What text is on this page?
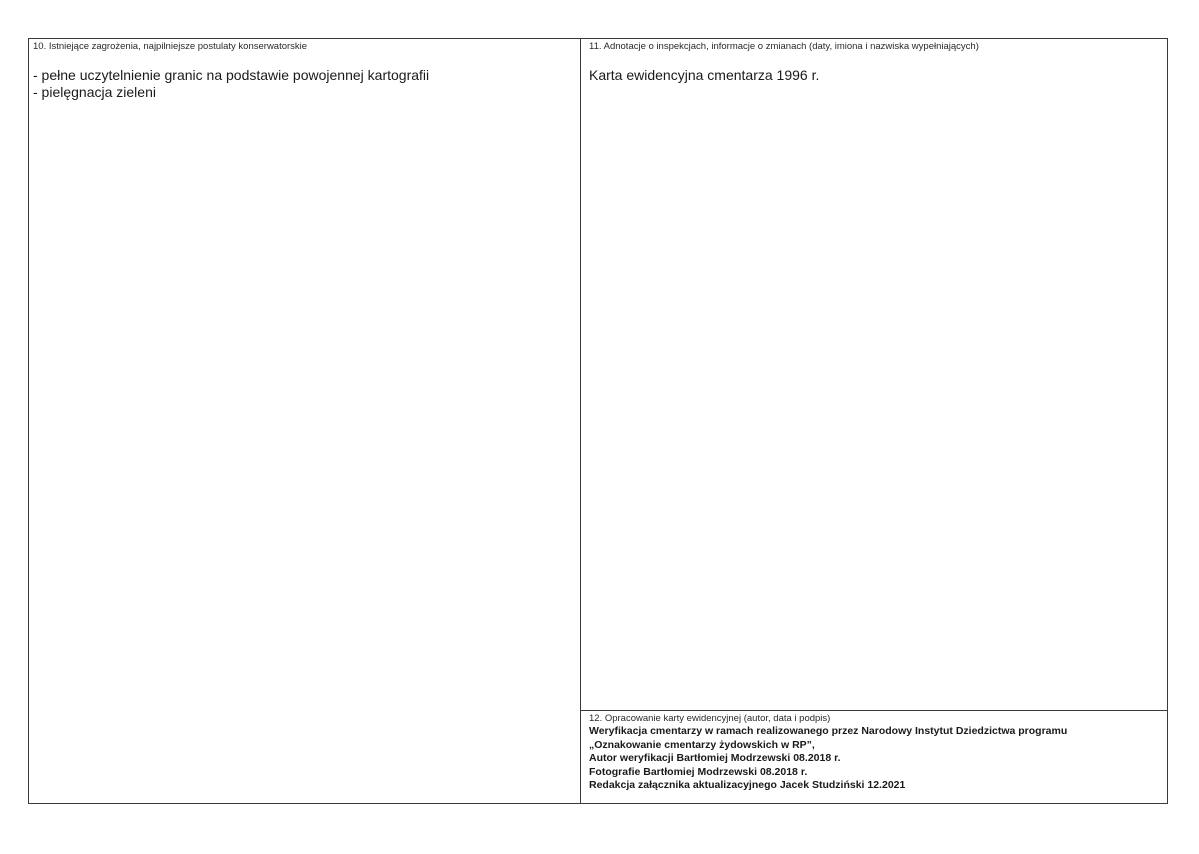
10. Istniejące zagrożenia, najpilniejsze postulaty konserwatorskie
- pełne uczytelnienie granic na podstawie powojennej kartografii
- pielęgnacja zieleni
11. Adnotacje o inspekcjach, informacje o zmianach (daty, imiona i nazwiska wypełniających)
Karta ewidencyjna cmentarza 1996 r.
12. Opracowanie karty ewidencyjnej (autor, data i podpis)
Weryfikacja cmentarzy w ramach realizowanego przez Narodowy Instytut Dziedzictwa programu
„Oznakowanie cmentarzy żydowskich w RP”,
Autor weryfikacji Bartłomiej Modrzewski 08.2018 r.
Fotografie Bartłomiej Modrzewski 08.2018 r.
Redakcja załącznika aktualizacyjnego Jacek Studziński 12.2021
